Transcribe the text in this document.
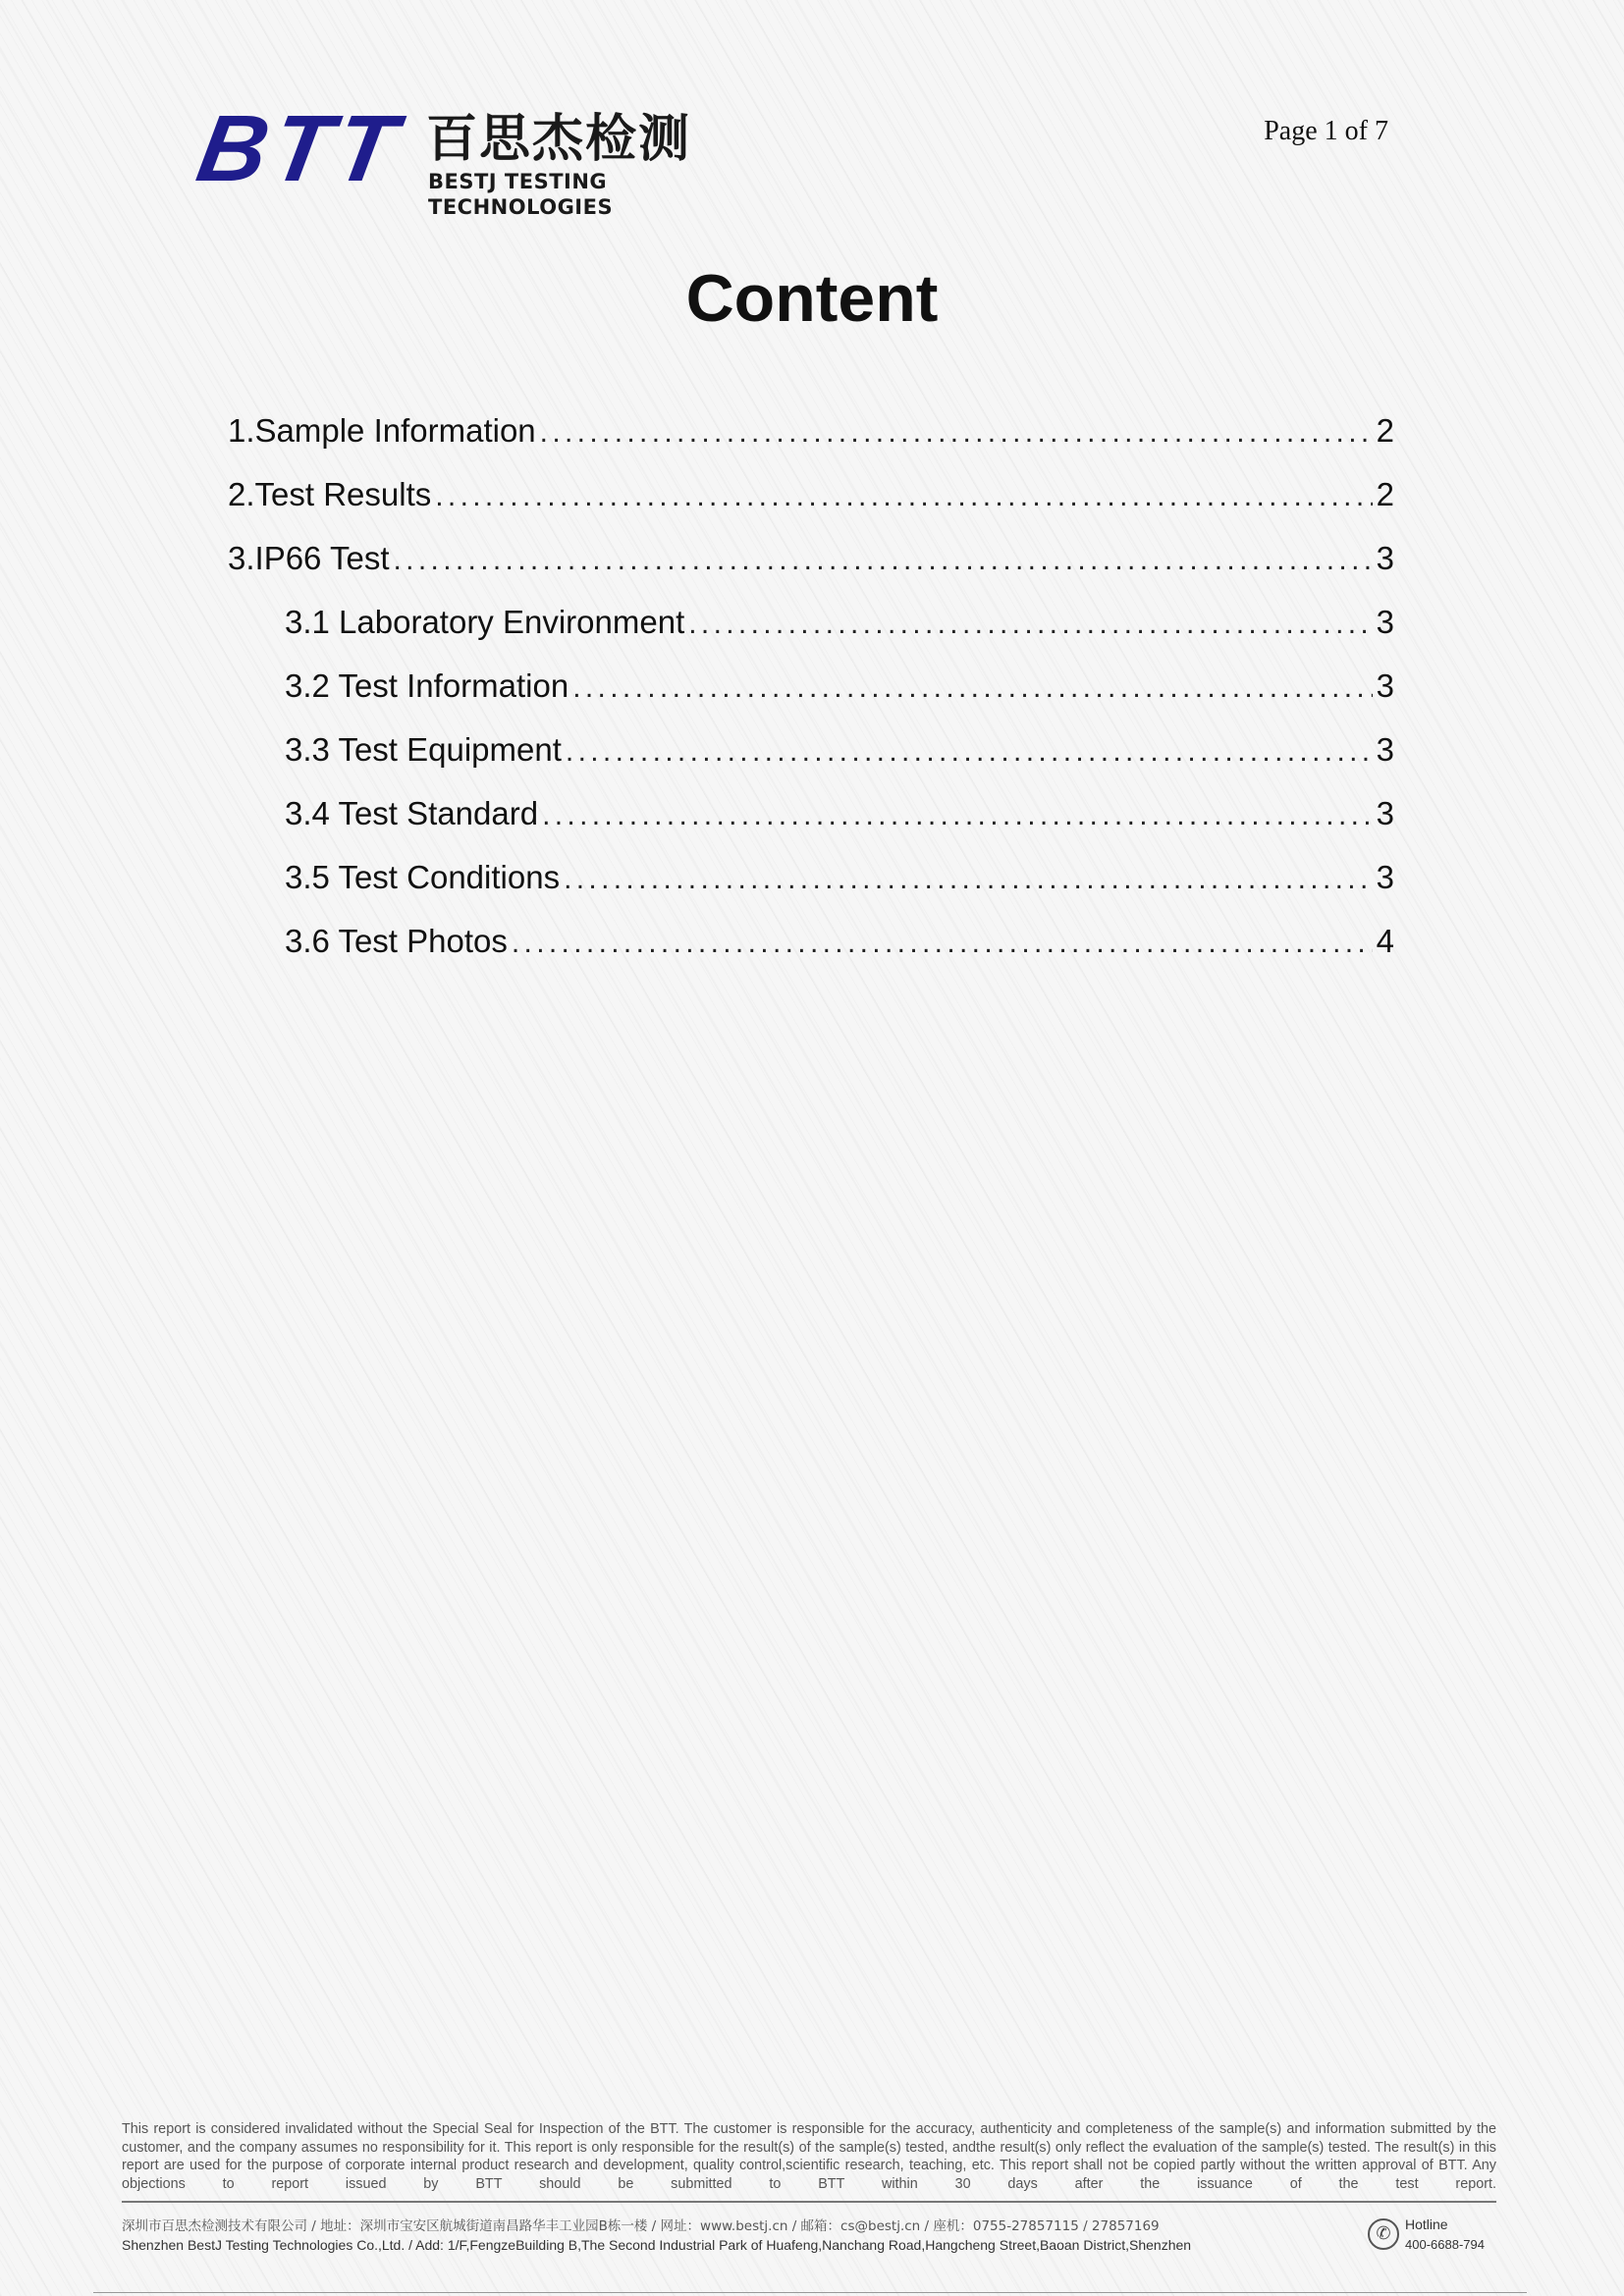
BTT 百思杰检测
BESTJ TESTING TECHNOLOGIES
Page 1 of 7
Content
1.Sample Information . . .	2
2.Test Results . . .	2
3.IP66 Test . . .	3
3.1 Laboratory Environment . . .	3
3.2 Test Information . . .	3
3.3 Test Equipment . . .	3
3.4 Test Standard . . .	3
3.5 Test Conditions . . .	3
3.6 Test Photos . . .	4
This report is considered invalidated without the Special Seal for Inspection of the BTT. The customer is responsible for the accuracy, authenticity and completeness of the sample(s) and information submitted by the customer, and the company assumes no responsibility for it. This report is only responsible for the result(s) of the sample(s) tested, andthe result(s) only reflect the evaluation of the sample(s) tested. The result(s) in this report are used for the purpose of corporate internal product research and development, quality control,scientific research, teaching, etc. This report shall not be copied partly without the written approval of BTT. Any objections to report issued by BTT should be submitted to BTT within 30 days after the issuance of the test report.
深圳市百思杰检测技术有限公司 / 地址：深圳市宝安区航城街道南昌路华丰工业园B栋一楼 / 网址：www.bestj.cn / 邮箱：cs@bestj.cn / 座机：0755-27857115 / 27857169
Shenzhen BestJ Testing Technologies Co.,Ltd. / Add: 1/F,FengzeBuilding B,The Second Industrial Park of Huafeng,Nanchang Road,Hangcheng Street,Baoan District,Shenzhen
✆	Hotline
400-6688-794
